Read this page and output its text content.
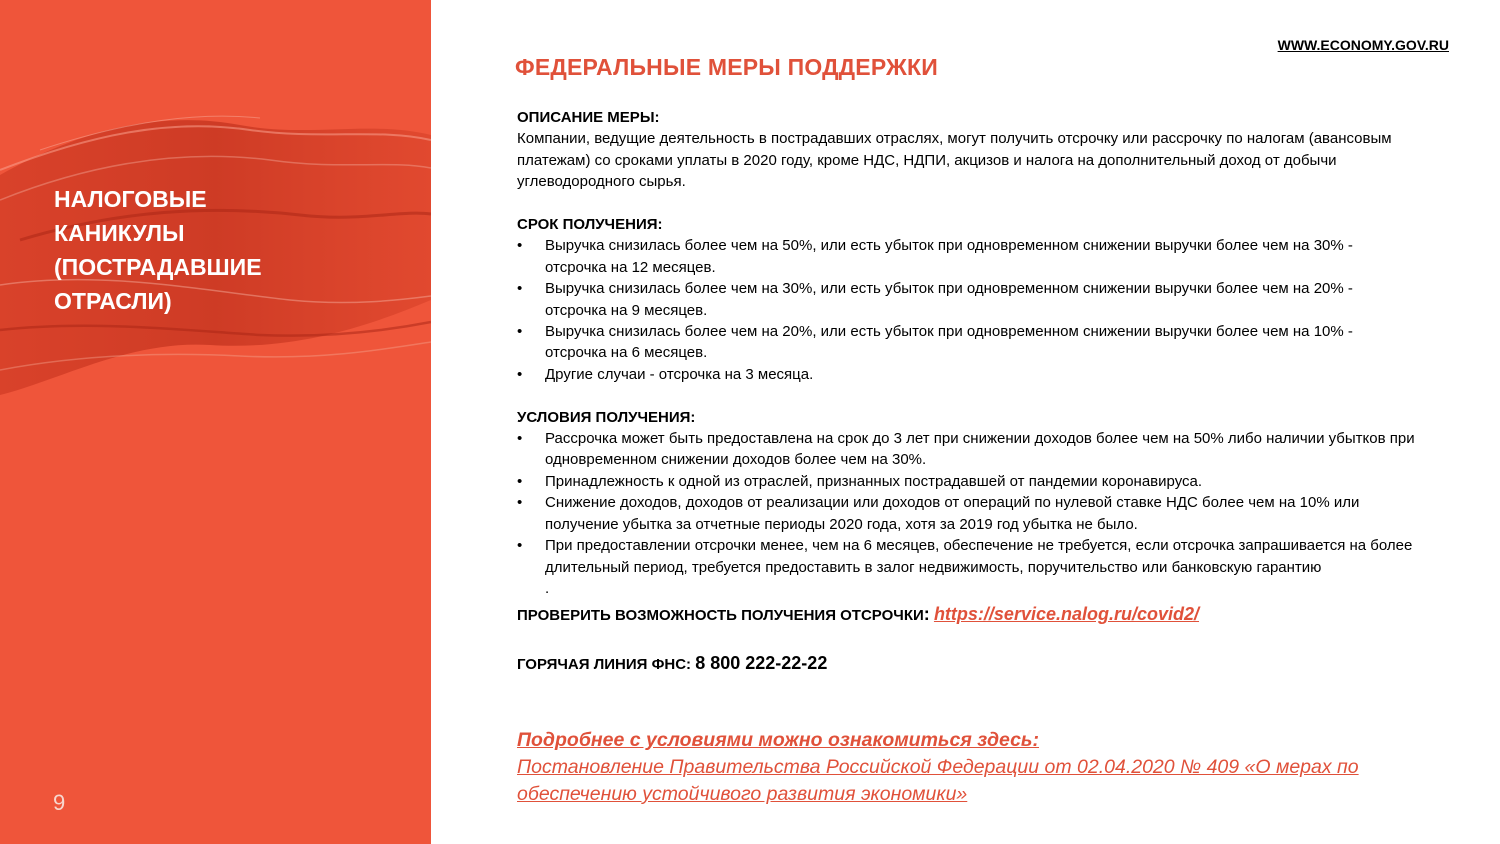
НАЛОГОВЫЕ
КАНИКУЛЫ
(ПОСТРАДАВШИЕ
ОТРАСЛИ)
9
WWW.ECONOMY.GOV.RU
ФЕДЕРАЛЬНЫЕ МЕРЫ ПОДДЕРЖКИ

ОПИСАНИЕ МЕРЫ:

Компании, ведущие деятельность в пострадавших отраслях, могут получить отсрочку или рассрочку по налогам (авансовым платежам) со сроками уплаты в 2020 году, кроме НДС, НДПИ, акцизов и налога на дополнительный доход от добычи углеводородного сырья.

СРОК ПОЛУЧЕНИЯ:

• Выручка снизилась более чем на 50%, или есть убыток при одновременном снижении выручки более чем на 30% - отсрочка на 12 месяцев.
• Выручка снизилась более чем на 30%, или есть убыток при одновременном снижении выручки более чем на 20% - отсрочка на 9 месяцев.
• Выручка снизилась более чем на 20%, или есть убыток при одновременном снижении выручки более чем на 10% - отсрочка на 6 месяцев.
• Другие случаи - отсрочка на 3 месяца.

УСЛОВИЯ ПОЛУЧЕНИЯ:

• Рассрочка может быть предоставлена на срок до 3 лет при снижении доходов более чем на 50% либо наличии убытков при одновременном снижении доходов более чем на 30%.
• Принадлежность к одной из отраслей, признанных пострадавшей от пандемии коронавируса.
• Снижение доходов, доходов от реализации или доходов от операций по нулевой ставке НДС более чем на 10% или получение убытка за отчетные периоды 2020 года, хотя за 2019 год убытка не было.
• При предоставлении отсрочки менее, чем на 6 месяцев, обеспечение не требуется, если отсрочка запрашивается на более длительный период, требуется предоставить в залог недвижимость, поручительство или банковскую гарантию

.

ПРОВЕРИТЬ ВОЗМОЖНОСТЬ ПОЛУЧЕНИЯ ОТСРОЧКИ: https://service.nalog.ru/covid2/
ГОРЯЧАЯ ЛИНИЯ ФНС: 8 800 222-22-22
Подробнее с условиями можно ознакомиться здесь:
Постановление Правительства Российской Федерации от 02.04.2020 № 409 «О мерах по обеспечению устойчивого развития экономики»
